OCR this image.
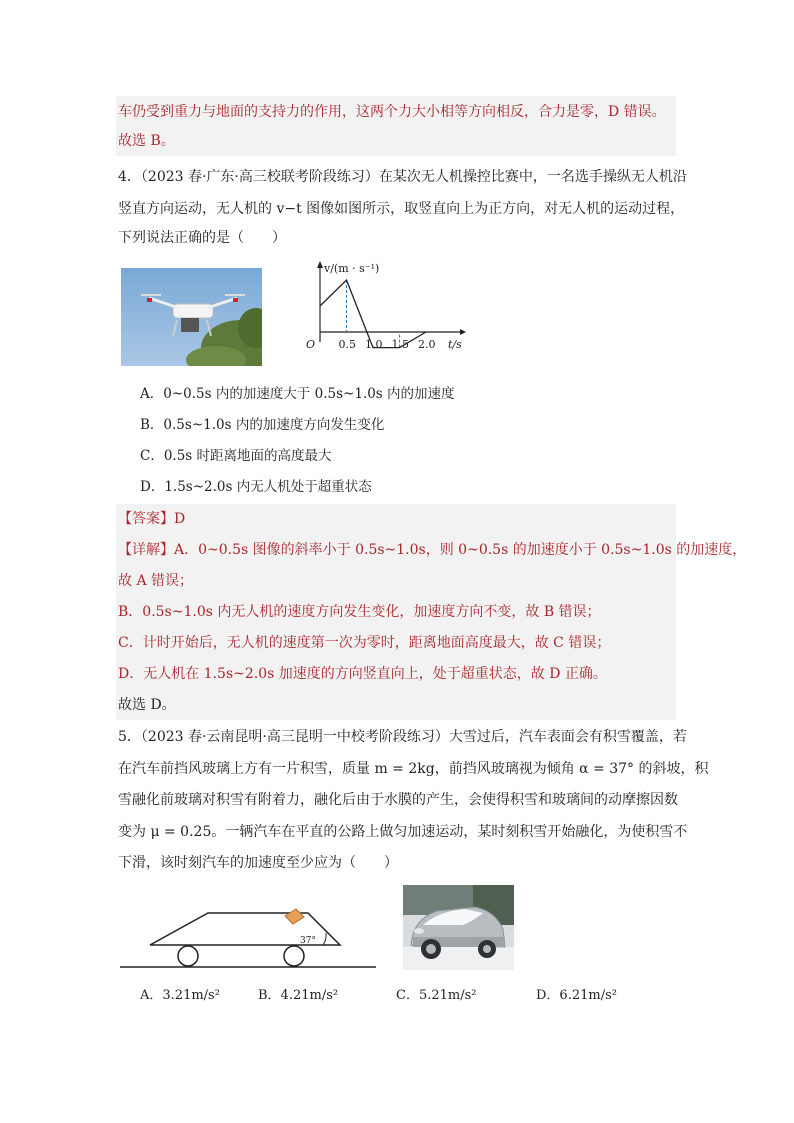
车仍受到重力与地面的支持力的作用，这两个力大小相等方向相反，合力是零，D 错误。
故选 B。
4．（2023 春·广东·高三校联考阶段练习）在某次无人机操控比赛中，一名选手操纵无人机沿
竖直方向运动，无人机的 v−t 图像如图所示，取竖直向上为正方向，对无人机的运动过程，
下列说法正确的是（　　）
v/(m · s⁻¹)
t/s
O 0.5 1.0 1.5 2.0
A．0~0.5s 内的加速度大于 0.5s~1.0s 内的加速度
B．0.5s~1.0s 内的加速度方向发生变化
C．0.5s 时距离地面的高度最大
D．1.5s~2.0s 内无人机处于超重状态
【答案】D
【详解】A．0~0.5s 图像的斜率小于 0.5s~1.0s，则 0~0.5s 的加速度小于 0.5s~1.0s 的加速度，
故 A 错误；
B．0.5s~1.0s 内无人机的速度方向发生变化，加速度方向不变，故 B 错误；
C．计时开始后，无人机的速度第一次为零时，距离地面高度最大，故 C 错误；
D．无人机在 1.5s~2.0s 加速度的方向竖直向上，处于超重状态，故 D 正确。
故选 D。
5．（2023 春·云南昆明·高三昆明一中校考阶段练习）大雪过后，汽车表面会有积雪覆盖，若
在汽车前挡风玻璃上方有一片积雪，质量 m = 2kg，前挡风玻璃视为倾角 α = 37° 的斜坡，积
雪融化前玻璃对积雪有附着力，融化后由于水膜的产生，会使得积雪和玻璃间的动摩擦因数
变为 μ = 0.25。一辆汽车在平直的公路上做匀加速运动，某时刻积雪开始融化，为使积雪不
下滑，该时刻汽车的加速度至少应为（　　）
37°
A．3.21m/s²	B．4.21m/s²	C．5.21m/s²	D．6.21m/s²
